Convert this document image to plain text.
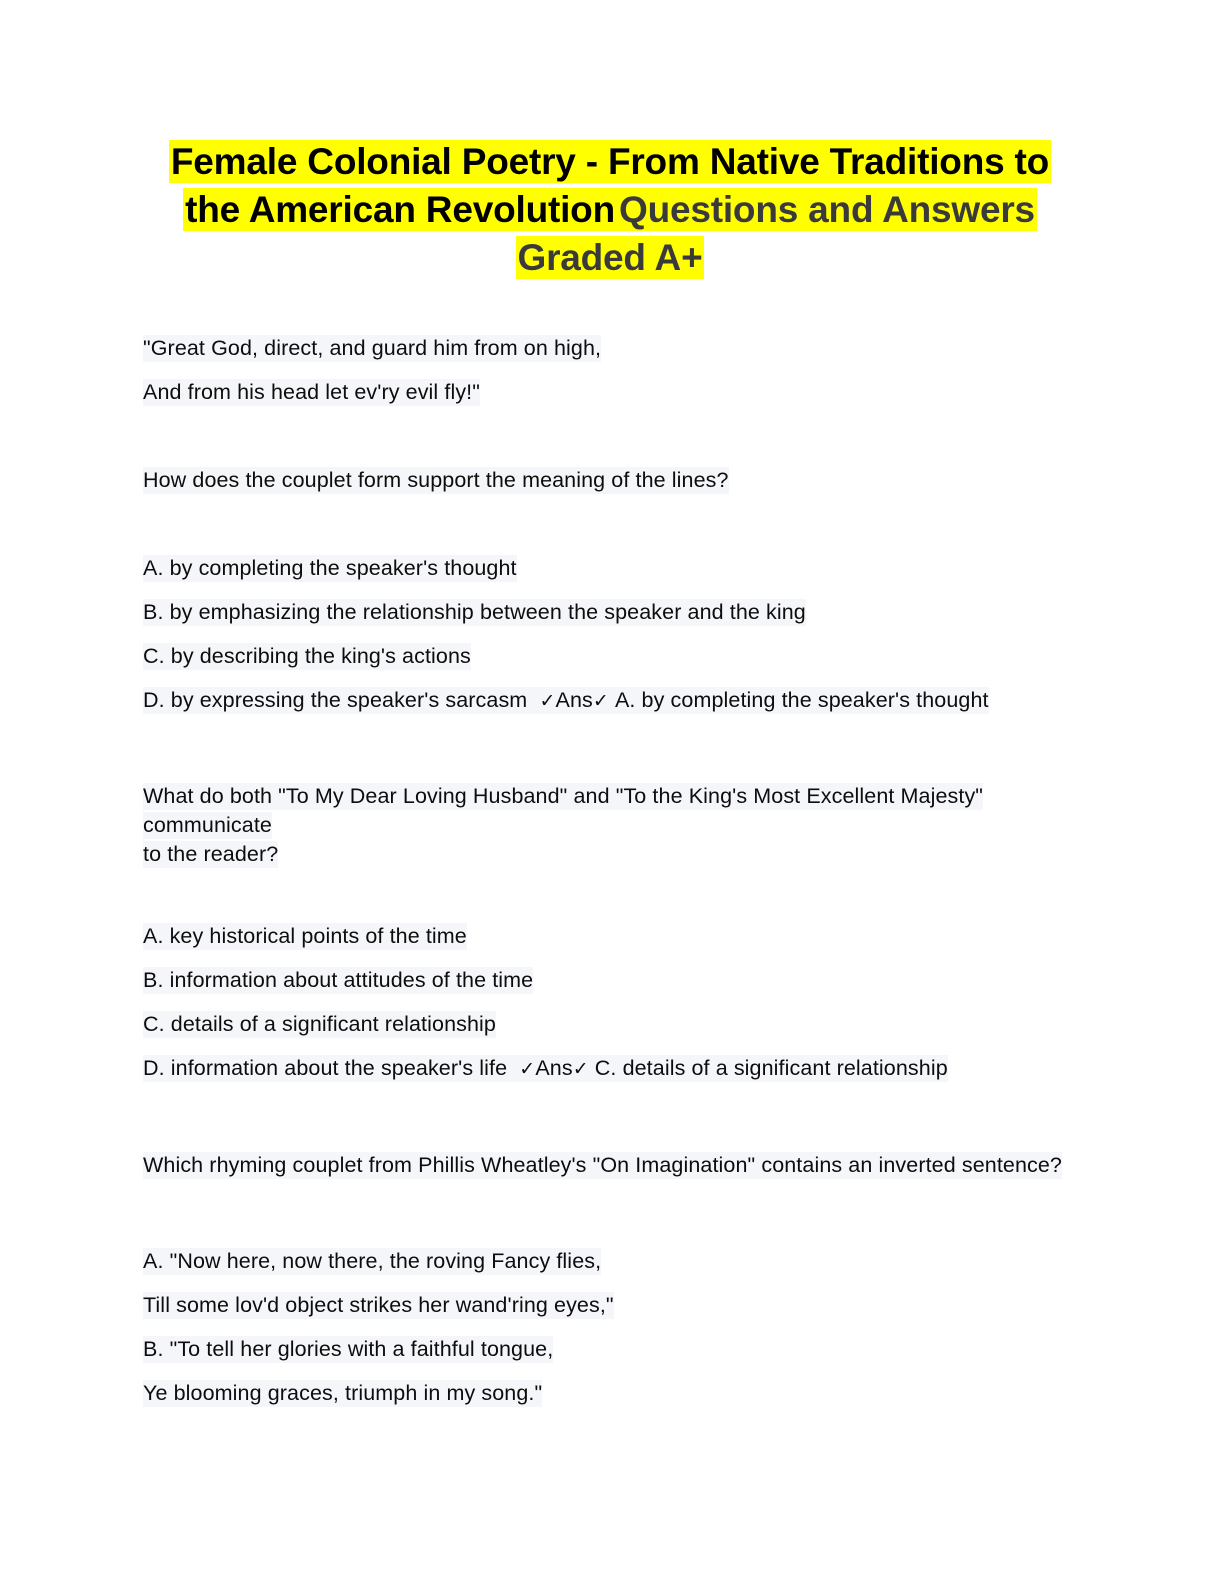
Female Colonial Poetry - From Native Traditions to
the American Revolution Questions and Answers
Graded A+
"Great God, direct, and guard him from on high,
And from his head let ev'ry evil fly!"
How does the couplet form support the meaning of the lines?
A. by completing the speaker's thought
B. by emphasizing the relationship between the speaker and the king
C. by describing the king's actions
D. by expressing the speaker's sarcasm ✓Ans✓ A. by completing the speaker's thought
What do both "To My Dear Loving Husband" and "To the King's Most Excellent Majesty" communicate
to the reader?
A. key historical points of the time
B. information about attitudes of the time
C. details of a significant relationship
D. information about the speaker's life ✓Ans✓ C. details of a significant relationship
Which rhyming couplet from Phillis Wheatley's "On Imagination" contains an inverted sentence?
A. "Now here, now there, the roving Fancy flies,
Till some lov'd object strikes her wand'ring eyes,"
B. "To tell her glories with a faithful tongue,
Ye blooming graces, triumph in my song."
